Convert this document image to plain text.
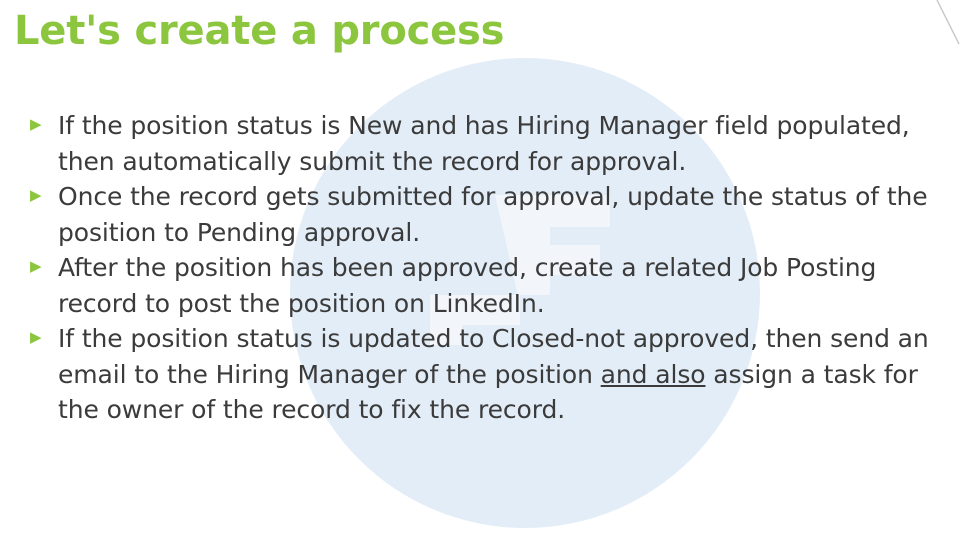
Let's create a process
▶ If the position status is New and has Hiring Manager field populated, then automatically submit the record for approval.
▶ Once the record gets submitted for approval, update the status of the position to Pending approval.
▶ After the position has been approved, create a related Job Posting record to post the position on LinkedIn.
▶ If the position status is updated to Closed-not approved, then send an email to the Hiring Manager of the position and also assign a task for the owner of the record to fix the record.
